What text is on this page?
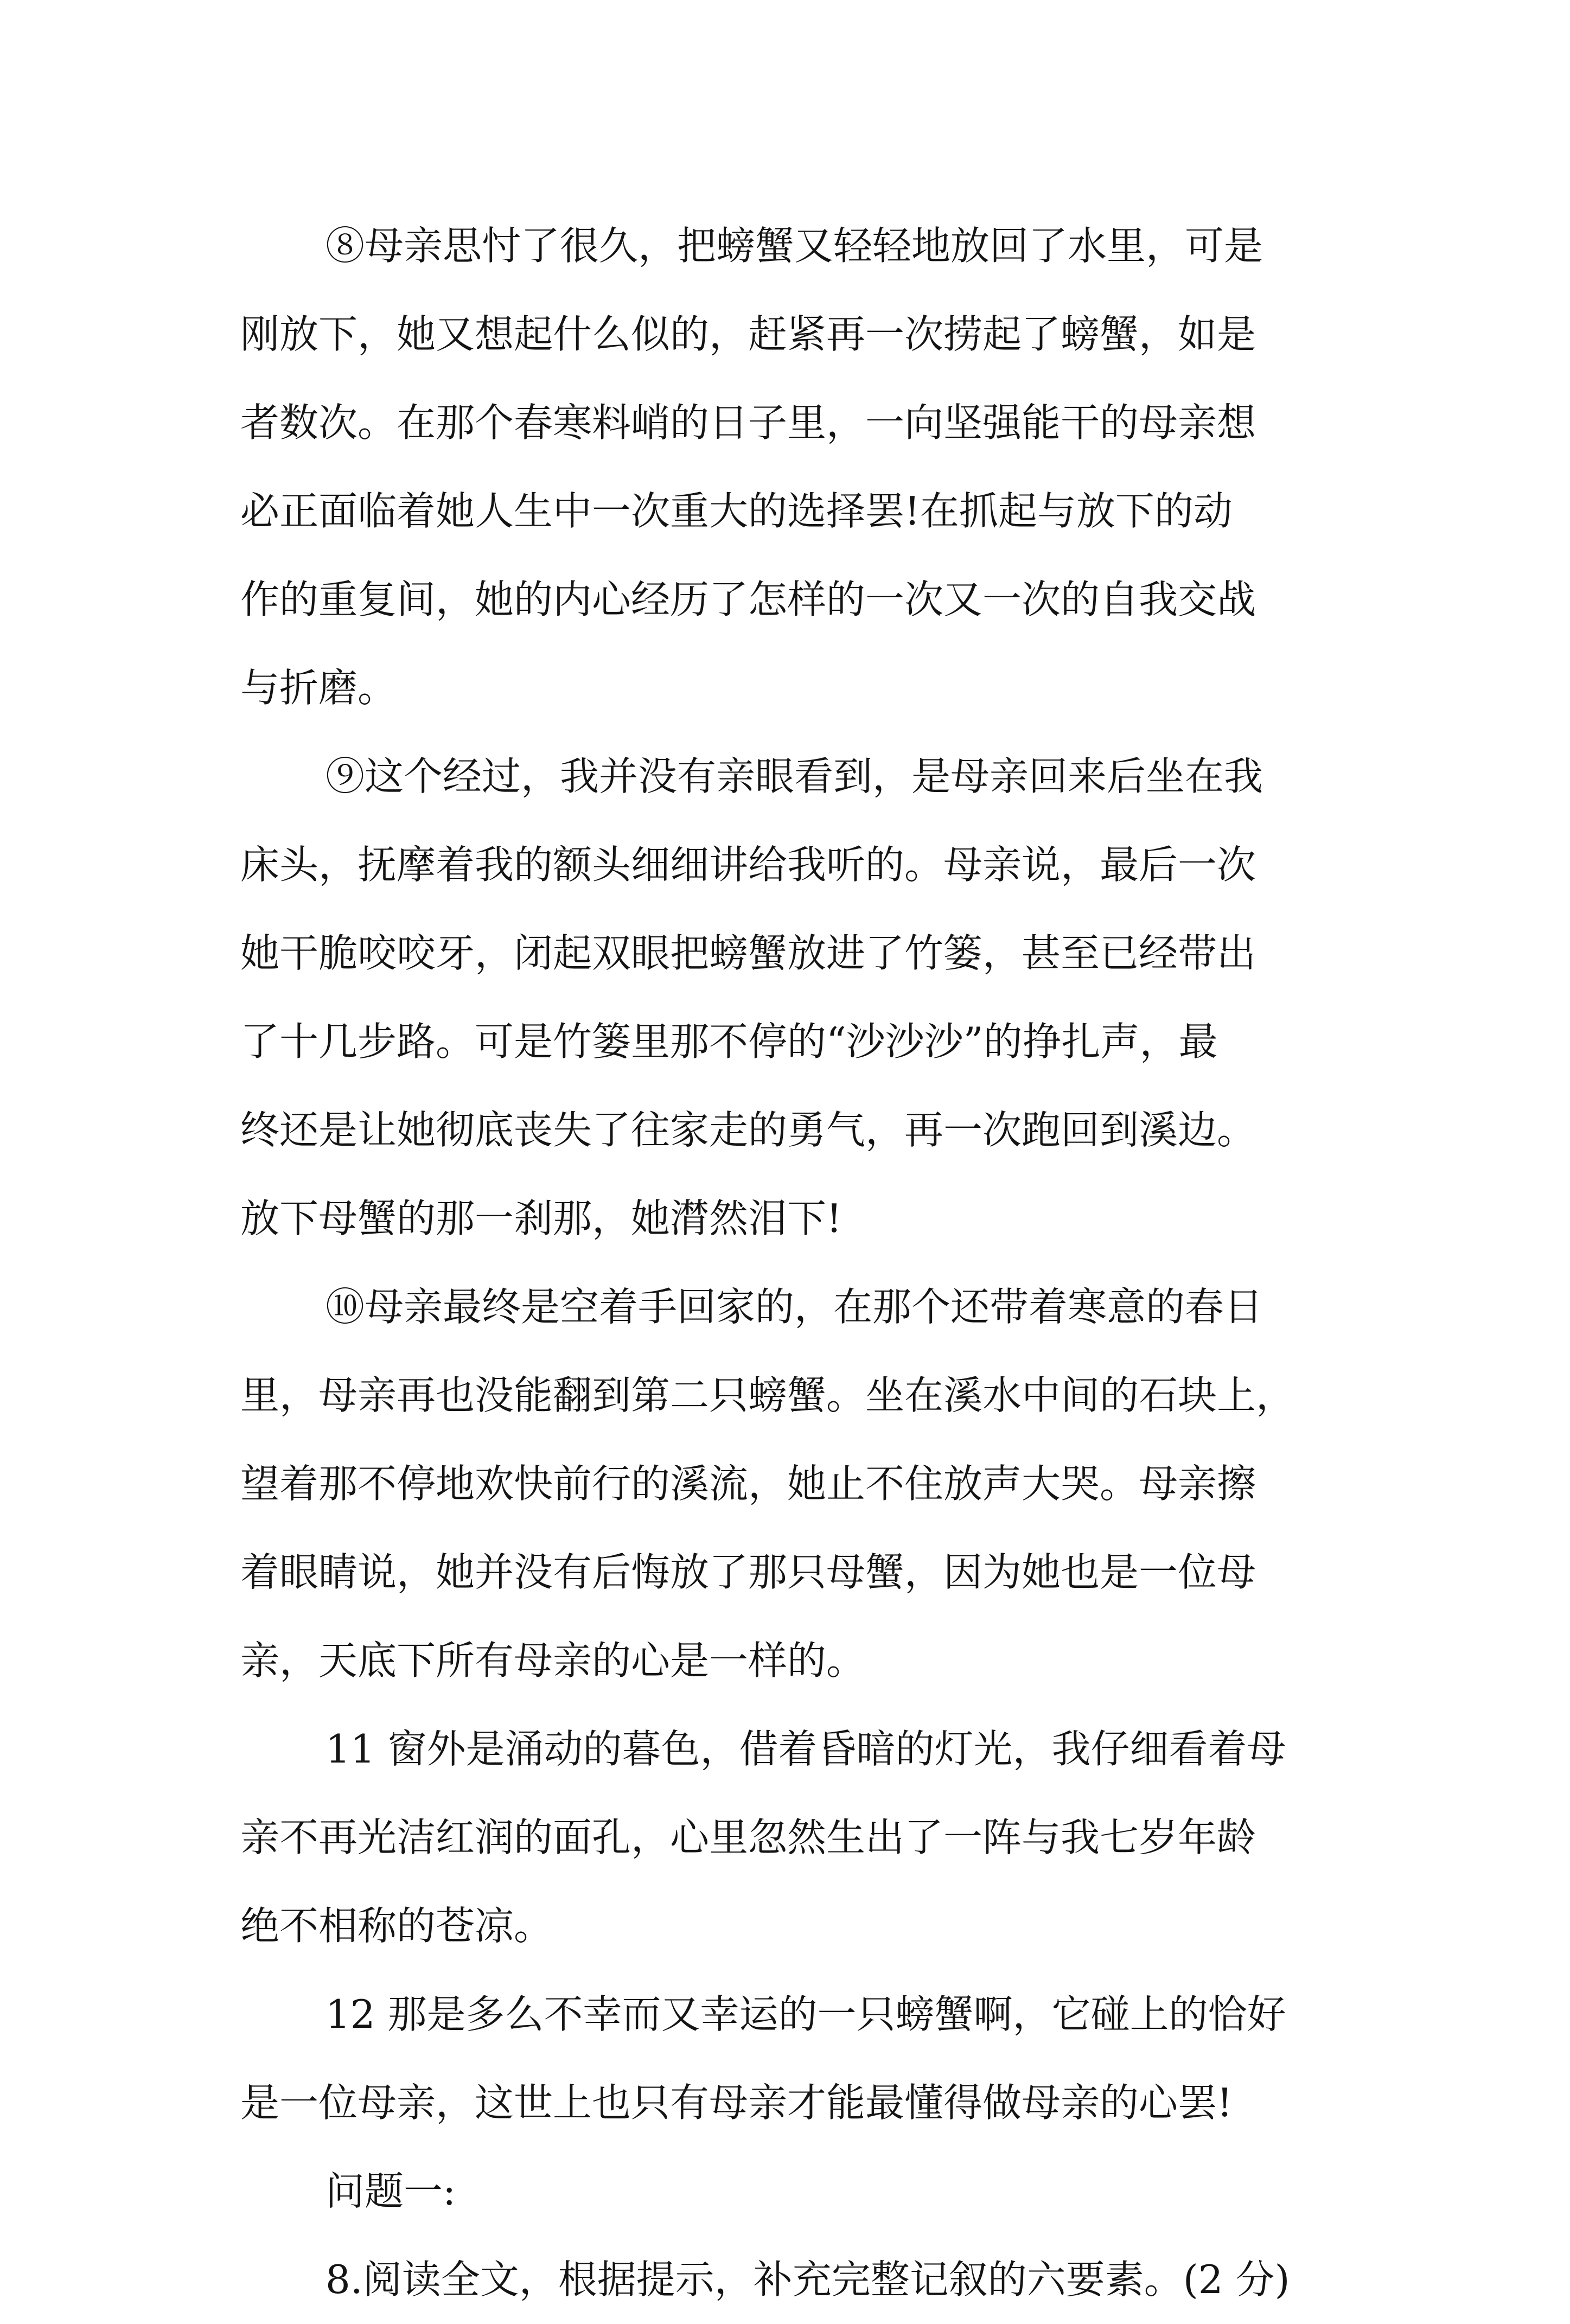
⑧母亲思忖了很久，把螃蟹又轻轻地放回了水里，可是
刚放下，她又想起什么似的，赶紧再一次捞起了螃蟹，如是
者数次。在那个春寒料峭的日子里，一向坚强能干的母亲想
必正面临着她人生中一次重大的选择罢!在抓起与放下的动
作的重复间，她的内心经历了怎样的一次又一次的自我交战
与折磨。
⑨这个经过，我并没有亲眼看到，是母亲回来后坐在我
床头，抚摩着我的额头细细讲给我听的。母亲说，最后一次
她干脆咬咬牙，闭起双眼把螃蟹放进了竹篓，甚至已经带出
了十几步路。可是竹篓里那不停的“沙沙沙”的挣扎声，最
终还是让她彻底丧失了往家走的勇气，再一次跑回到溪边。
放下母蟹的那一刹那，她潸然泪下!
⑩母亲最终是空着手回家的，在那个还带着寒意的春日
里，母亲再也没能翻到第二只螃蟹。坐在溪水中间的石块上，
望着那不停地欢快前行的溪流，她止不住放声大哭。母亲擦
着眼睛说，她并没有后悔放了那只母蟹，因为她也是一位母
亲，天底下所有母亲的心是一样的。
11 窗外是涌动的暮色，借着昏暗的灯光，我仔细看着母
亲不再光洁红润的面孔，心里忽然生出了一阵与我七岁年龄
绝不相称的苍凉。
12 那是多么不幸而又幸运的一只螃蟹啊，它碰上的恰好
是一位母亲，这世上也只有母亲才能最懂得做母亲的心罢!
问题一:
8.阅读全文，根据提示，补充完整记叙的六要素。(2 分)
